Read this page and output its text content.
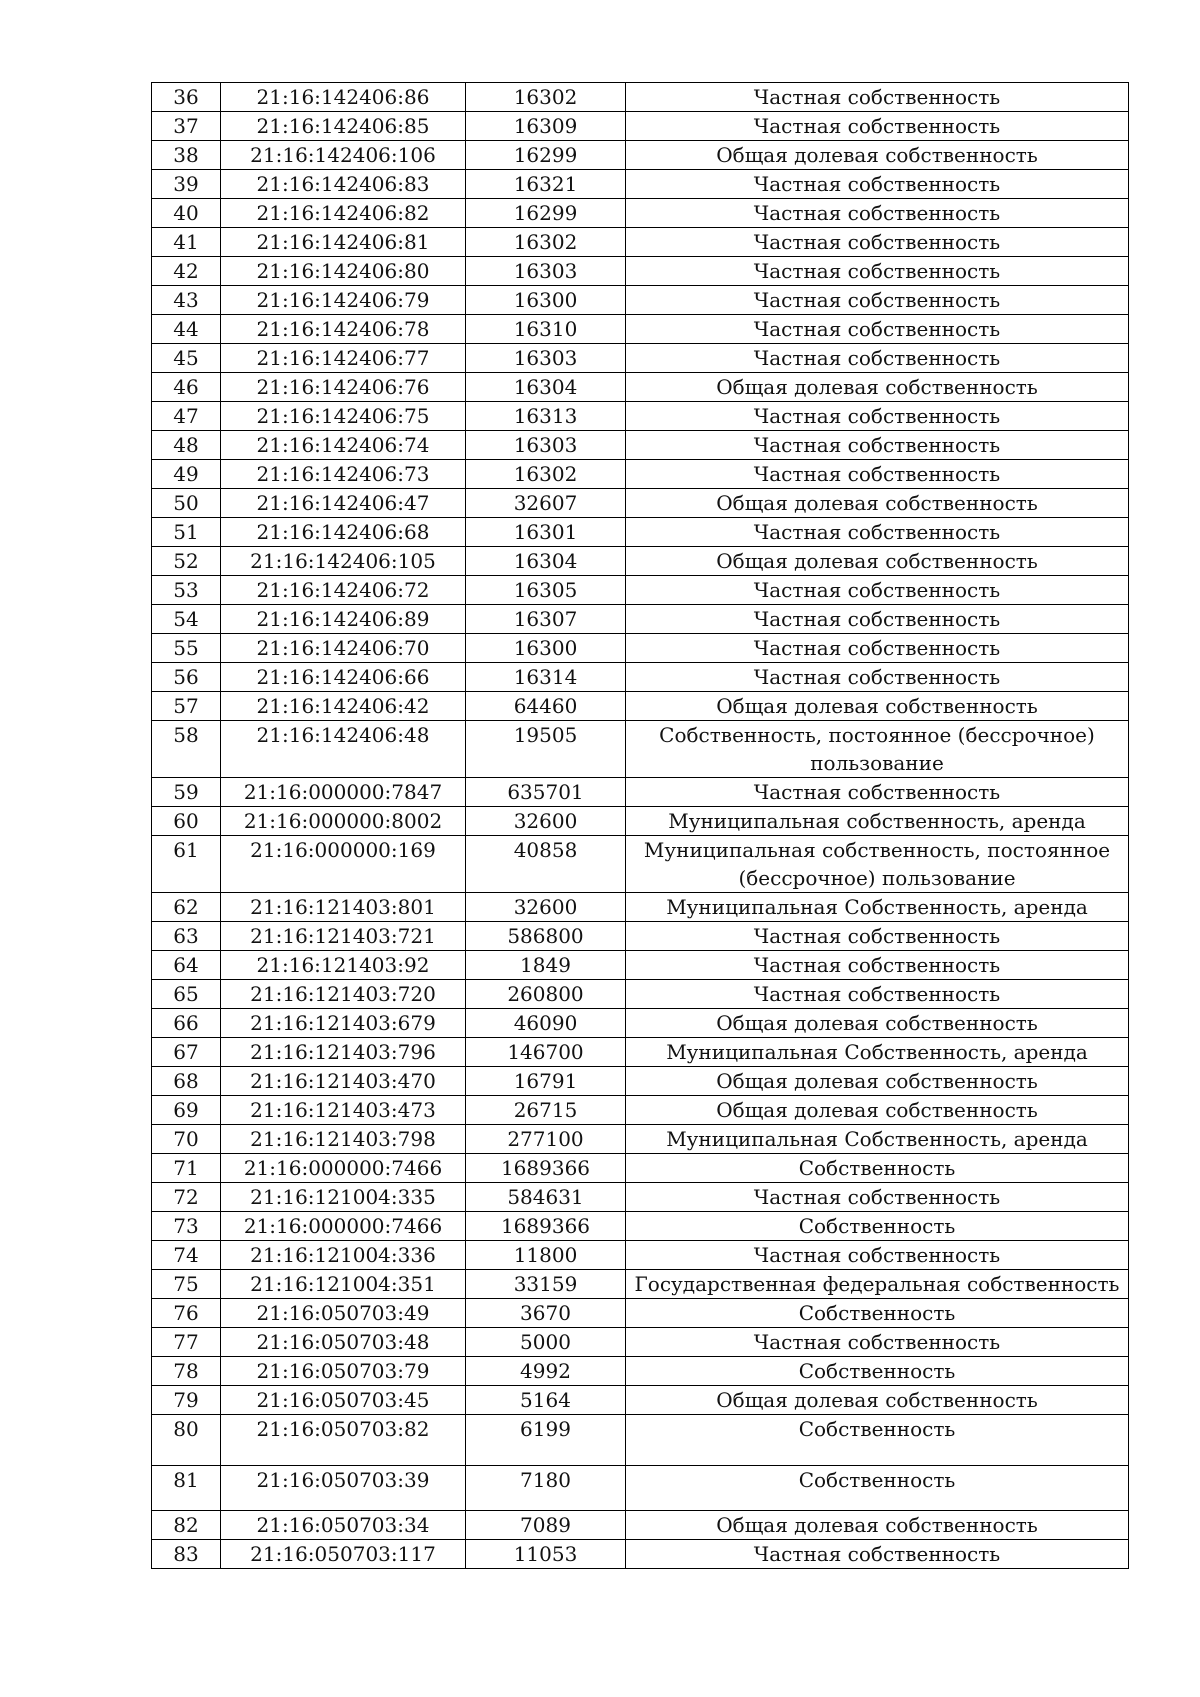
36	21:16:142406:86	16302	Частная собственность
37	21:16:142406:85	16309	Частная собственность
38	21:16:142406:106	16299	Общая долевая собственность
39	21:16:142406:83	16321	Частная собственность
40	21:16:142406:82	16299	Частная собственность
41	21:16:142406:81	16302	Частная собственность
42	21:16:142406:80	16303	Частная собственность
43	21:16:142406:79	16300	Частная собственность
44	21:16:142406:78	16310	Частная собственность
45	21:16:142406:77	16303	Частная собственность
46	21:16:142406:76	16304	Общая долевая собственность
47	21:16:142406:75	16313	Частная собственность
48	21:16:142406:74	16303	Частная собственность
49	21:16:142406:73	16302	Частная собственность
50	21:16:142406:47	32607	Общая долевая собственность
51	21:16:142406:68	16301	Частная собственность
52	21:16:142406:105	16304	Общая долевая собственность
53	21:16:142406:72	16305	Частная собственность
54	21:16:142406:89	16307	Частная собственность
55	21:16:142406:70	16300	Частная собственность
56	21:16:142406:66	16314	Частная собственность
57	21:16:142406:42	64460	Общая долевая собственность
58	21:16:142406:48	19505	Собственность, постоянное (бессрочное) пользование
59	21:16:000000:7847	635701	Частная собственность
60	21:16:000000:8002	32600	Муниципальная собственность, аренда
61	21:16:000000:169	40858	Муниципальная собственность, постоянное (бессрочное) пользование
62	21:16:121403:801	32600	Муниципальная Собственность, аренда
63	21:16:121403:721	586800	Частная собственность
64	21:16:121403:92	1849	Частная собственность
65	21:16:121403:720	260800	Частная собственность
66	21:16:121403:679	46090	Общая долевая собственность
67	21:16:121403:796	146700	Муниципальная Собственность, аренда
68	21:16:121403:470	16791	Общая долевая собственность
69	21:16:121403:473	26715	Общая долевая собственность
70	21:16:121403:798	277100	Муниципальная Собственность, аренда
71	21:16:000000:7466	1689366	Собственность
72	21:16:121004:335	584631	Частная собственность
73	21:16:000000:7466	1689366	Собственность
74	21:16:121004:336	11800	Частная собственность
75	21:16:121004:351	33159	Государственная федеральная собственность
76	21:16:050703:49	3670	Собственность
77	21:16:050703:48	5000	Частная собственность
78	21:16:050703:79	4992	Собственность
79	21:16:050703:45	5164	Общая долевая собственность
80	21:16:050703:82	6199	Собственность
81	21:16:050703:39	7180	Собственность
82	21:16:050703:34	7089	Общая долевая собственность
83	21:16:050703:117	11053	Частная собственность
